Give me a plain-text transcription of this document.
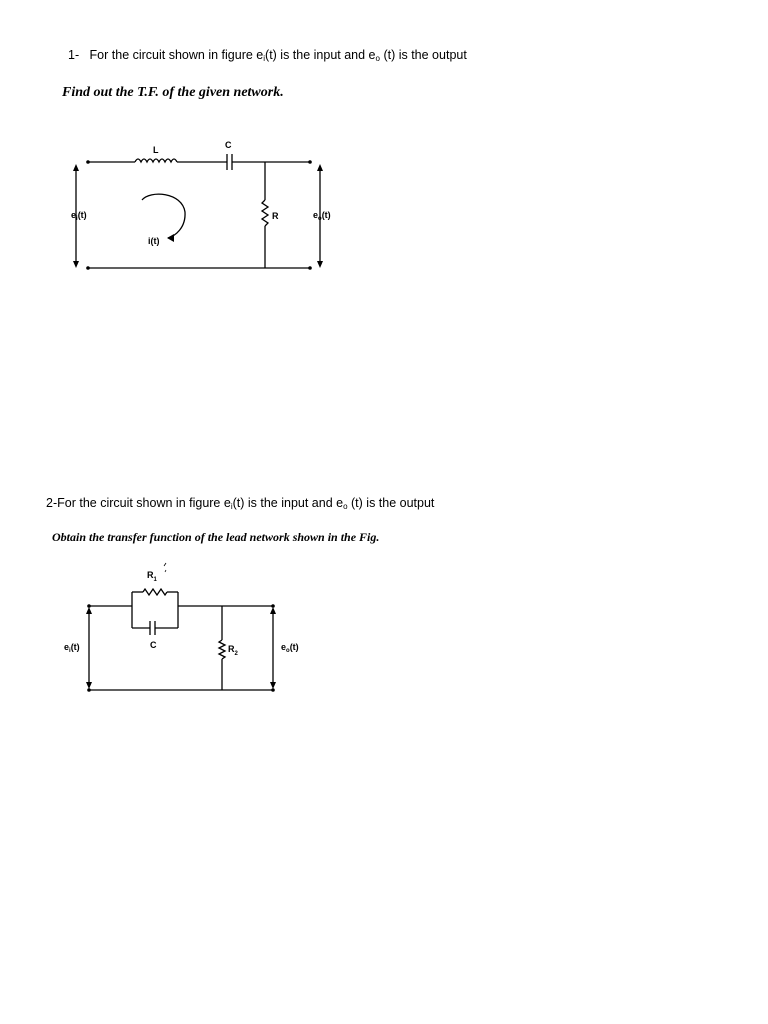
1- For the circuit shown in figure $e_i(t)$ is the input and $e_o$ (t) is the output
Find out the T.F. of the given network.
L	C
R
i(t)
$e_i(t)$	$e_o(t)$
2-For the circuit shown in figure $e_i(t)$ is the input and $e_o$ (t) is the output
Obtain the transfer function of the lead network shown in the Fig.
$R_1$
C	$R_2$
$e_i(t)$	$e_o(t)$
